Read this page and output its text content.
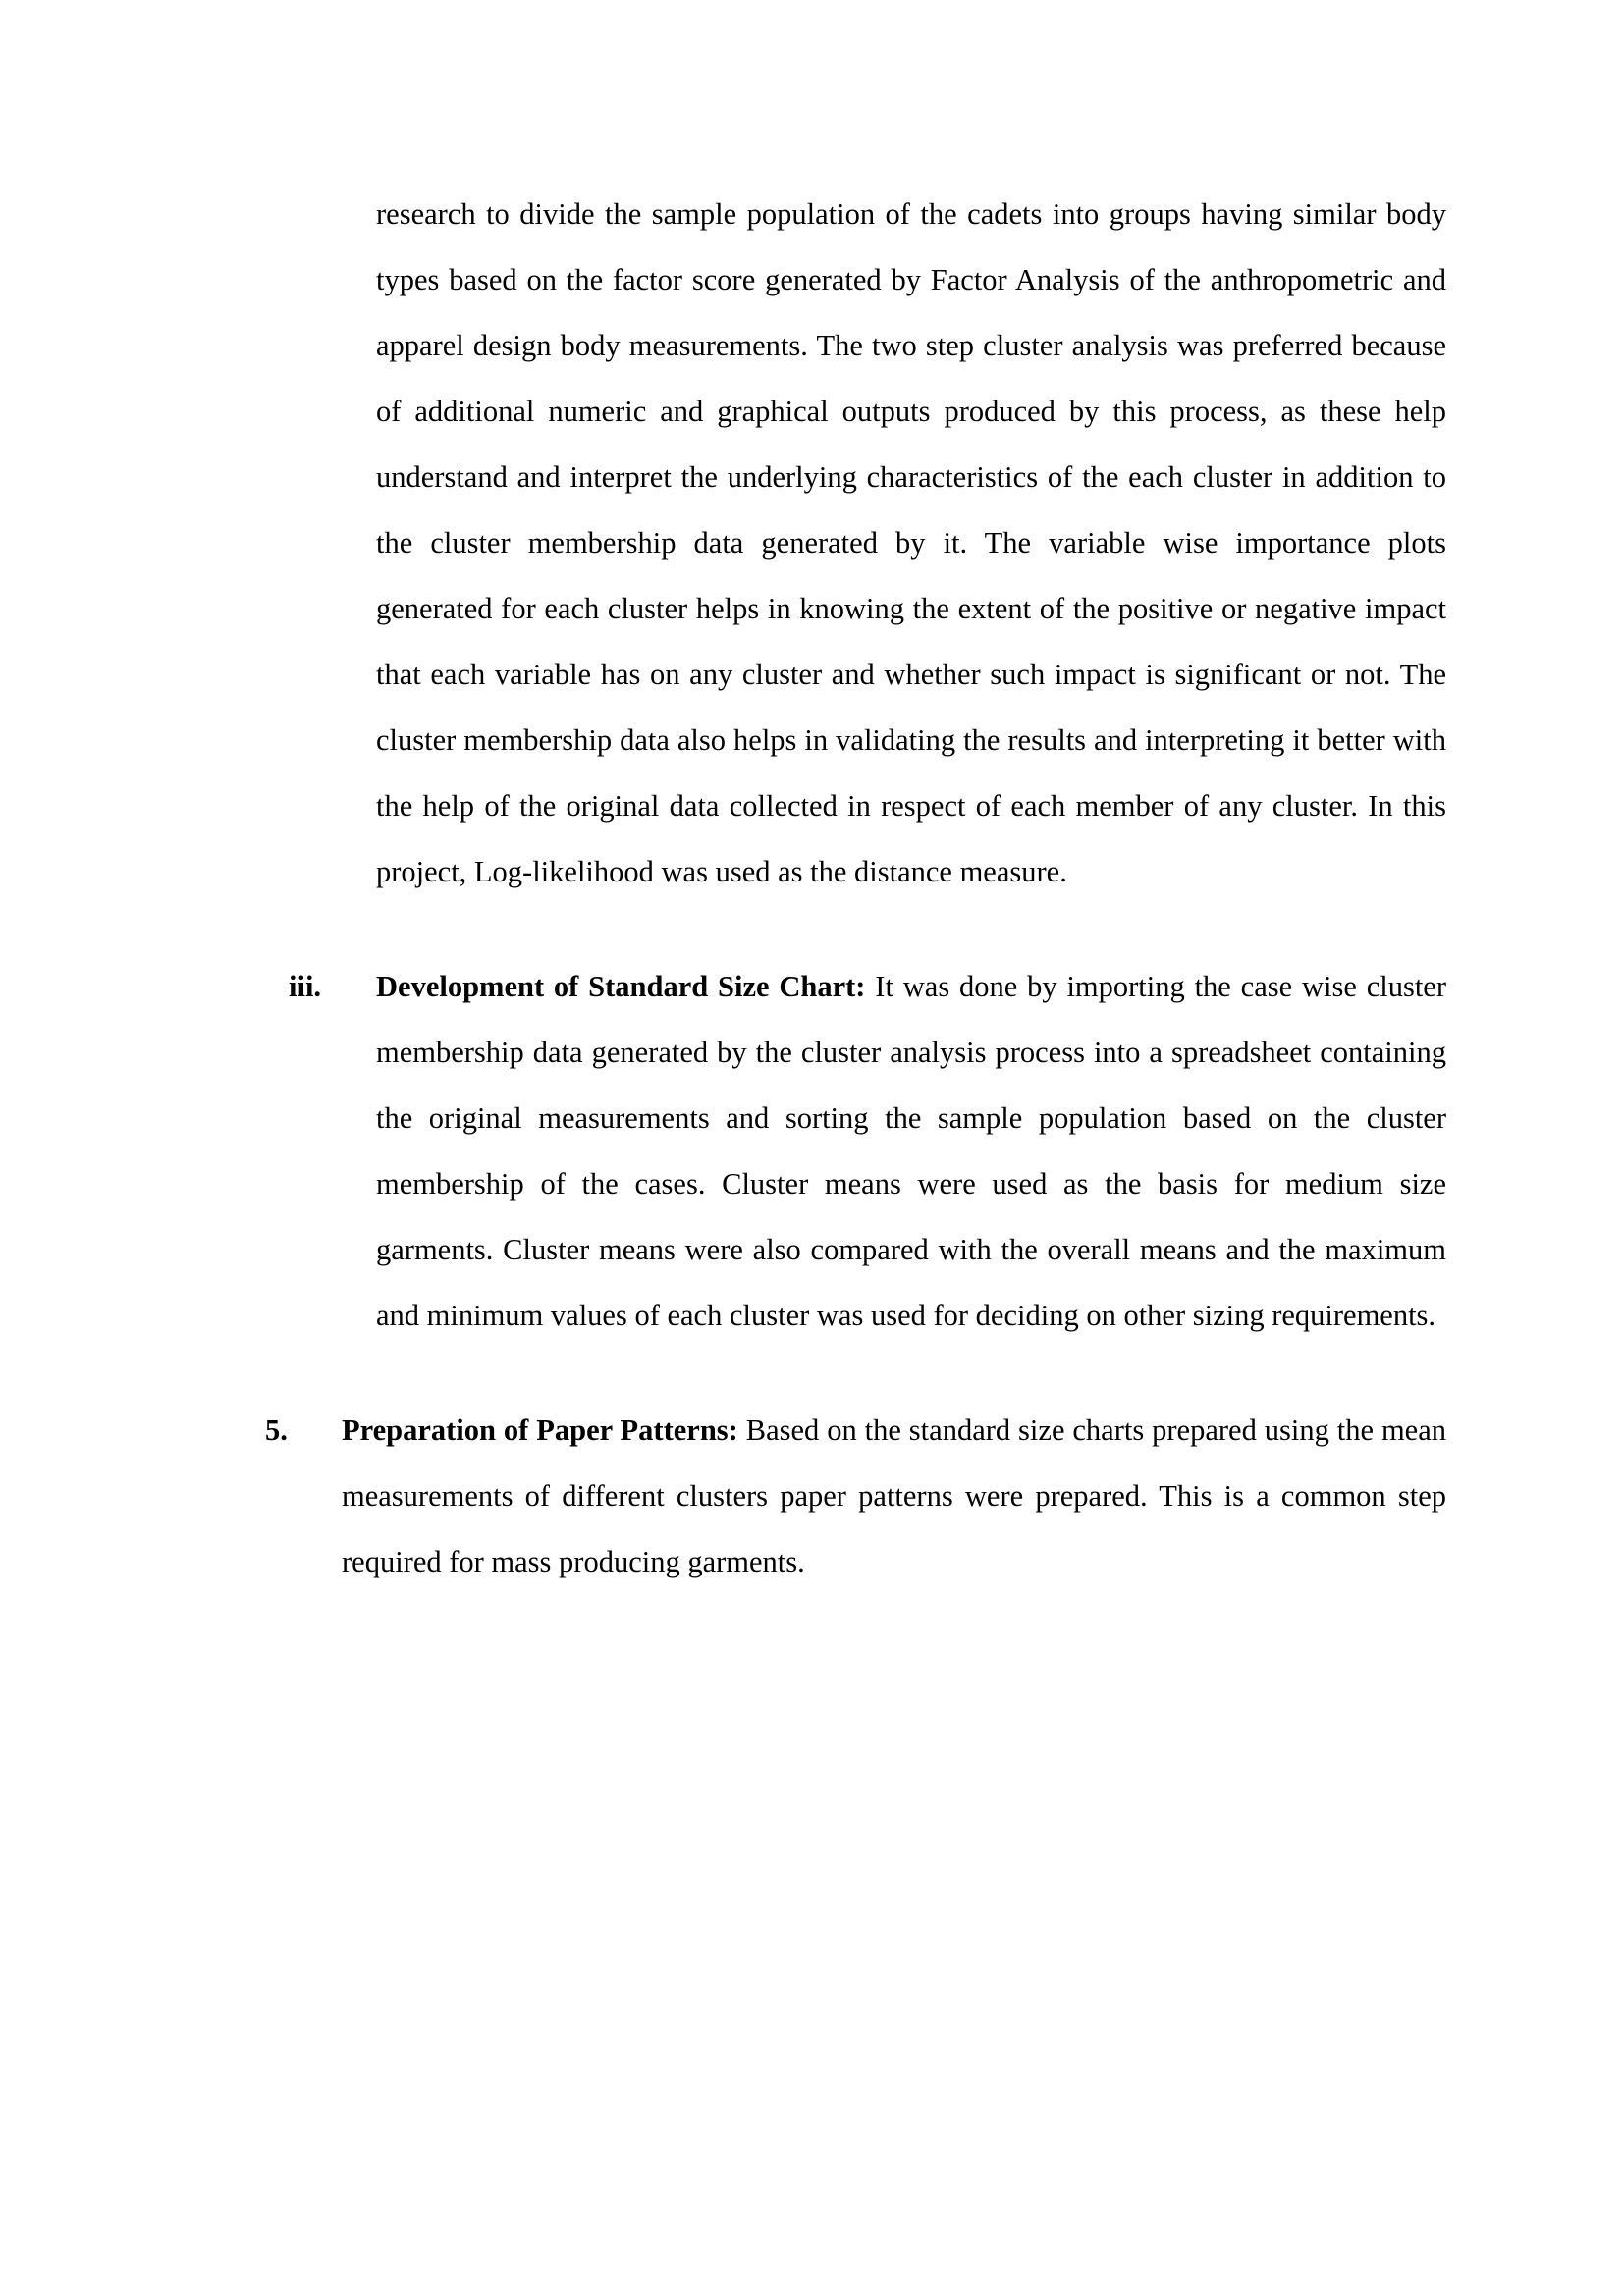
research to divide the sample population of the cadets into groups having similar body types based on the factor score generated by Factor Analysis of the anthropometric and apparel design body measurements. The two step cluster analysis was preferred because of additional numeric and graphical outputs produced by this process, as these help understand and interpret the underlying characteristics of the each cluster in addition to the cluster membership data generated by it. The variable wise importance plots generated for each cluster helps in knowing the extent of the positive or negative impact that each variable has on any cluster and whether such impact is significant or not. The cluster membership data also helps in validating the results and interpreting it better with the help of the original data collected in respect of each member of any cluster. In this project, Log-likelihood was used as the distance measure.

iii.	Development of Standard Size Chart: It was done by importing the case wise cluster membership data generated by the cluster analysis process into a spreadsheet containing the original measurements and sorting the sample population based on the cluster membership of the cases. Cluster means were used as the basis for medium size garments. Cluster means were also compared with the overall means and the maximum and minimum values of each cluster was used for deciding on other sizing requirements.
5.	Preparation of Paper Patterns: Based on the standard size charts prepared using the mean measurements of different clusters paper patterns were prepared. This is a common step required for mass producing garments.
